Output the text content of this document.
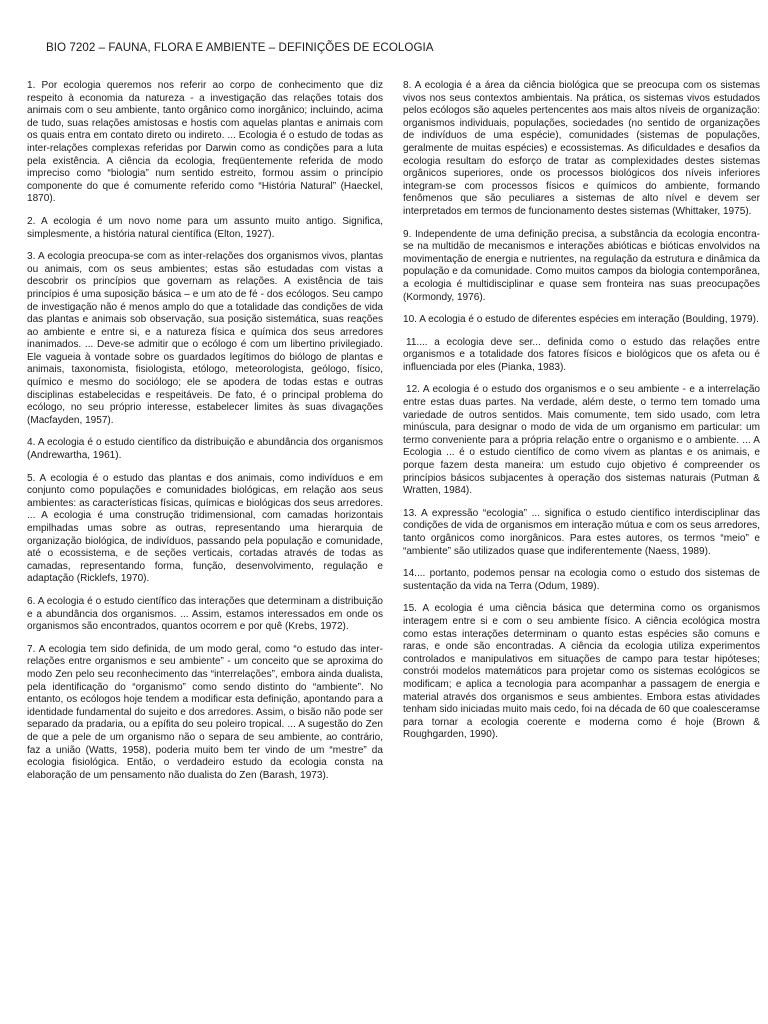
BIO 7202 – FAUNA, FLORA E AMBIENTE – DEFINIÇÕES DE ECOLOGIA

1. Por ecologia queremos nos referir ao corpo de conhecimento que diz respeito à economia da natureza - a investigação das relações totais dos animais com o seu ambiente, tanto orgânico como inorgânico; incluindo, acima de tudo, suas relações amistosas e hostis com aquelas plantas e animais com os quais entra em contato direto ou indireto. ... Ecologia é o estudo de todas as inter-relações complexas referidas por Darwin como as condições para a luta pela existência. A ciência da ecologia, freqüentemente referida de modo impreciso como “biologia” num sentido estreito, formou assim o princípio componente do que é comumente referido como “História Natural” (Haeckel, 1870).

2. A ecologia é um novo nome para um assunto muito antigo. Significa, simplesmente, a história natural científica (Elton, 1927).

3. A ecologia preocupa-se com as inter-relações dos organismos vivos, plantas ou animais, com os seus ambientes; estas são estudadas com vistas a descobrir os princípios que governam as relações. A existência de tais princípios é uma suposição básica – e um ato de fé - dos ecólogos. Seu campo de investigação não é menos amplo do que a totalidade das condições de vida das plantas e animais sob observação, sua posição sistemática, suas reações ao ambiente e entre si, e a natureza física e química dos seus arredores inanimados. ... Deve-se admitir que o ecólogo é com um libertino privilegiado. Ele vagueia à vontade sobre os guardados legítimos do biólogo de plantas e animais, taxonomista, fisiologista, etólogo, meteorologista, geólogo, físico, químico e mesmo do sociólogo; ele se apodera de todas estas e outras disciplinas estabelecidas e respeitáveis. De fato, é o principal problema do ecólogo, no seu próprio interesse, estabelecer limites às suas divagações (Macfayden, 1957).

4. A ecologia é o estudo científico da distribuição e abundância dos organismos (Andrewartha, 1961).

5. A ecologia é o estudo das plantas e dos animais, como indivíduos e em conjunto como populações e comunidades biológicas, em relação aos seus ambientes: as características físicas, químicas e biológicas dos seus arredores. ... A ecologia é uma construção tridimensional, com camadas horizontais empilhadas umas sobre as outras, representando uma hierarquia de organização biológica, de indivíduos, passando pela população e comunidade, até o ecossistema, e de seções verticais, cortadas através de todas as camadas, representando forma, função, desenvolvimento, regulação e adaptação (Ricklefs, 1970).

6. A ecologia é o estudo científico das interações que determinam a distribuição e a abundância dos organismos. ... Assim, estamos interessados em onde os organismos são encontrados, quantos ocorrem e por quê (Krebs, 1972).

7. A ecologia tem sido definida, de um modo geral, como “o estudo das inter-relações entre organismos e seu ambiente” - um conceito que se aproxima do modo Zen pelo seu reconhecimento das “interrelações”, embora ainda dualista, pela identificação do “organismo” como sendo distinto do “ambiente”. No entanto, os ecólogos hoje tendem a modificar esta definição, apontando para a identidade fundamental do sujeito e dos arredores. Assim, o bisão não pode ser separado da pradaria, ou a epífita do seu poleiro tropical. ... A sugestão do Zen de que a pele de um organismo não o separa de seu ambiente, ao contrário, faz a união (Watts, 1958), poderia muito bem ter vindo de um “mestre” da ecologia fisiológica. Então, o verdadeiro estudo da ecologia consta na elaboração de um pensamento não dualista do Zen (Barash, 1973).

8. A ecologia é a área da ciência biológica que se preocupa com os sistemas vivos nos seus contextos ambientais. Na prática, os sistemas vivos estudados pelos ecólogos são aqueles pertencentes aos mais altos níveis de organização: organismos individuais, populações, sociedades (no sentido de organizações de indivíduos de uma espécie), comunidades (sistemas de populações, geralmente de muitas espécies) e ecossistemas. As dificuldades e desafios da ecologia resultam do esforço de tratar as complexidades destes sistemas orgânicos superiores, onde os processos biológicos dos níveis inferiores integram-se com processos físicos e químicos do ambiente, formando fenômenos que são peculiares a sistemas de alto nível e devem ser interpretados em termos de funcionamento destes sistemas (Whittaker, 1975).

9. Independente de uma definição precisa, a substância da ecologia encontra-se na multidão de mecanismos e interações abióticas e bióticas envolvidos na movimentação de energia e nutrientes, na regulação da estrutura e dinâmica da população e da comunidade. Como muitos campos da biologia contemporânea, a ecologia é multidisciplinar e quase sem fronteira nas suas preocupações (Kormondy, 1976).

10. A ecologia é o estudo de diferentes espécies em interação (Boulding, 1979).

11.... a ecologia deve ser... definida como o estudo das relações entre organismos e a totalidade dos fatores físicos e biológicos que os afeta ou é influenciada por eles (Pianka, 1983).

12. A ecologia é o estudo dos organismos e o seu ambiente - e a interrelação entre estas duas partes. Na verdade, além deste, o termo tem tomado uma variedade de outros sentidos. Mais comumente, tem sido usado, com letra minúscula, para designar o modo de vida de um organismo em particular: um termo conveniente para a própria relação entre o organismo e o ambiente. ... A Ecologia ... é o estudo científico de como vivem as plantas e os animais, e porque fazem desta maneira: um estudo cujo objetivo é compreender os princípios básicos subjacentes à operação dos sistemas naturais (Putman & Wratten, 1984).

13. A expressão “ecologia” ... significa o estudo científico interdisciplinar das condições de vida de organismos em interação mútua e com os seus arredores, tanto orgânicos como inorgânicos. Para estes autores, os termos “meio” e “ambiente” são utilizados quase que indiferentemente (Naess, 1989).

14.... portanto, podemos pensar na ecologia como o estudo dos sistemas de sustentação da vida na Terra (Odum, 1989).

15. A ecologia é uma ciência básica que determina como os organismos interagem entre si e com o seu ambiente físico. A ciência ecológica mostra como estas interações determinam o quanto estas espécies são comuns e raras, e onde são encontradas. A ciência da ecologia utiliza experimentos controlados e manipulativos em situações de campo para testar hipóteses; constrói modelos matemáticos para projetar como os sistemas ecológicos se modificam; e aplica a tecnologia para acompanhar a passagem de energia e material através dos organismos e seus ambientes. Embora estas atividades tenham sido iniciadas muito mais cedo, foi na década de 60 que coalesceramse para tornar a ecologia coerente e moderna como é hoje (Brown & Roughgarden, 1990).
